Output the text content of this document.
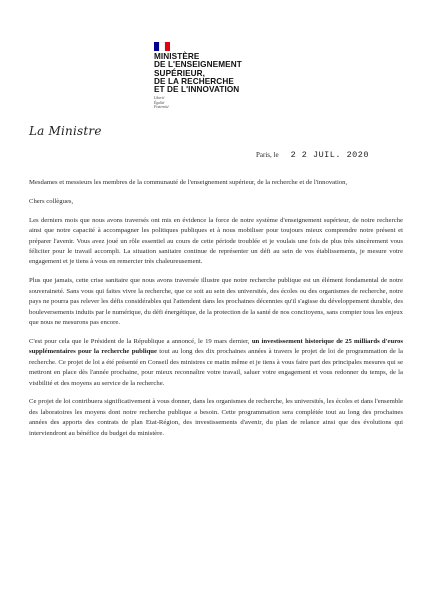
MINISTÈRE
DE L'ENSEIGNEMENT
SUPÉRIEUR,
DE LA RECHERCHE
ET DE L'INNOVATION
Liberté
Égalité
Fraternité
La Ministre
Paris, le 2 2 JUIL. 2020

Mesdames et messieurs les membres de la communauté de l'enseignement supérieur, de la recherche et de l'innovation,

Chers collègues,

Les derniers mois que nous avons traversés ont mis en évidence la force de notre système d'enseignement supérieur, de notre recherche ainsi que notre capacité à accompagner les politiques publiques et à nous mobiliser pour toujours mieux comprendre notre présent et préparer l'avenir. Vous avez joué un rôle essentiel au cours de cette période troublée et je voulais une fois de plus très sincèrement vous féliciter pour le travail accompli. La situation sanitaire continue de représenter un défi au sein de vos établissements, je mesure votre engagement et je tiens à vous en remercier très chaleureusement.

Plus que jamais, cette crise sanitaire que nous avons traversée illustre que notre recherche publique est un élément fondamental de notre souveraineté. Sans vous qui faites vivre la recherche, que ce soit au sein des universités, des écoles ou des organismes de recherche, notre pays ne pourra pas relever les défis considérables qui l'attendent dans les prochaines décennies qu'il s'agisse du développement durable, des bouleversements induits par le numérique, du défi énergétique, de la protection de la santé de nos concitoyens, sans compter tous les enjeux que nous ne mesurons pas encore.

C'est pour cela que le Président de la République a annoncé, le 19 mars dernier, un investissement historique de 25 milliards d'euros supplémentaires pour la recherche publique tout au long des dix prochaines années à travers le projet de loi de programmation de la recherche. Ce projet de loi a été présenté en Conseil des ministres ce matin même et je tiens à vous faire part des principales mesures qui se mettront en place dès l'année prochaine, pour mieux reconnaître votre travail, saluer votre engagement et vous redonner du temps, de la visibilité et des moyens au service de la recherche.

Ce projet de loi contribuera significativement à vous donner, dans les organismes de recherche, les universités, les écoles et dans l'ensemble des laboratoires les moyens dont notre recherche publique a besoin. Cette programmation sera complétée tout au long des prochaines années des apports des contrats de plan Etat-Région, des investissements d'avenir, du plan de relance ainsi que des évolutions qui interviendront au bénéfice du budget du ministère.
